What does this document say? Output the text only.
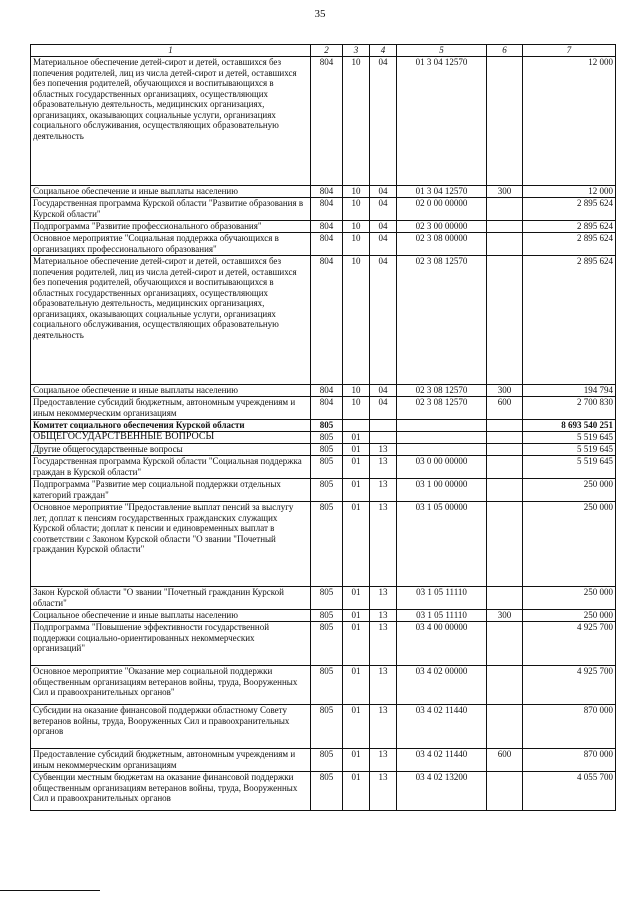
35
1	2	3	4	5	6	7
Материальное обеспечение детей-сирот и детей, оставшихся без попечения родителей, лиц из числа детей-сирот и детей, оставшихся без попечения родителей, обучающихся и воспитывающихся в областных государственных организациях, осуществляющих образовательную деятельность, медицинских организациях, организациях, оказывающих социальные услуги, организациях социального обслуживания, осуществляющих образовательную деятельность	804	10	04	01 3 04 12570		12 000
Социальное обеспечение и иные выплаты населению	804	10	04	01 3 04 12570	300	12 000
Государственная программа Курской области "Развитие образования в Курской области"	804	10	04	02 0 00 00000		2 895 624
Подпрограмма "Развитие профессионального образования"	804	10	04	02 3 00 00000		2 895 624
Основное мероприятие "Социальная поддержка обучающихся в организациях профессионального образования"	804	10	04	02 3 08 00000		2 895 624
Материальное обеспечение детей-сирот и детей, оставшихся без попечения родителей, лиц из числа детей-сирот и детей, оставшихся без попечения родителей, обучающихся и воспитывающихся в областных государственных организациях, осуществляющих образовательную деятельность, медицинских организациях, организациях, оказывающих социальные услуги, организациях социального обслуживания, осуществляющих образовательную деятельность	804	10	04	02 3 08 12570		2 895 624
Социальное обеспечение и иные выплаты населению	804	10	04	02 3 08 12570	300	194 794
Предоставление субсидий бюджетным, автономным учреждениям и иным некоммерческим организациям	804	10	04	02 3 08 12570	600	2 700 830
Комитет социального обеспечения Курской области	805					8 693 540 251
ОБЩЕГОСУДАРСТВЕННЫЕ ВОПРОСЫ	805	01				5 519 645
Другие общегосударственные вопросы	805	01	13			5 519 645
Государственная программа Курской области "Социальная поддержка граждан в Курской области"	805	01	13	03 0 00 00000		5 519 645
Подпрограмма "Развитие мер социальной поддержки отдельных категорий граждан"	805	01	13	03 1 00 00000		250 000
Основное мероприятие "Предоставление выплат пенсий за выслугу лет, доплат к пенсиям государственных гражданских служащих Курской области; доплат к пенсии и единовременных выплат в соответствии с Законом Курской области "О звании "Почетный гражданин Курской области"	805	01	13	03 1 05 00000		250 000
Закон Курской области "О звании "Почетный гражданин Курской области"	805	01	13	03 1 05 11110		250 000
Социальное обеспечение и иные выплаты населению	805	01	13	03 1 05 11110	300	250 000
Подпрограмма "Повышение эффективности государственной поддержки социально-ориентированных некоммерческих организаций"	805	01	13	03 4 00 00000		4 925 700
Основное мероприятие "Оказание мер социальной поддержки общественным организациям ветеранов войны, труда, Вооруженных Сил и правоохранительных органов"	805	01	13	03 4 02 00000		4 925 700
Субсидии на оказание финансовой поддержки областному Совету ветеранов войны, труда, Вооруженных Сил и правоохранительных органов	805	01	13	03 4 02 11440		870 000
Предоставление субсидий бюджетным, автономным учреждениям и иным некоммерческим организациям	805	01	13	03 4 02 11440	600	870 000
Субвенции местным бюджетам на оказание финансовой поддержки общественным организациям ветеранов войны, труда, Вооруженных Сил и правоохранительных органов	805	01	13	03 4 02 13200		4 055 700
